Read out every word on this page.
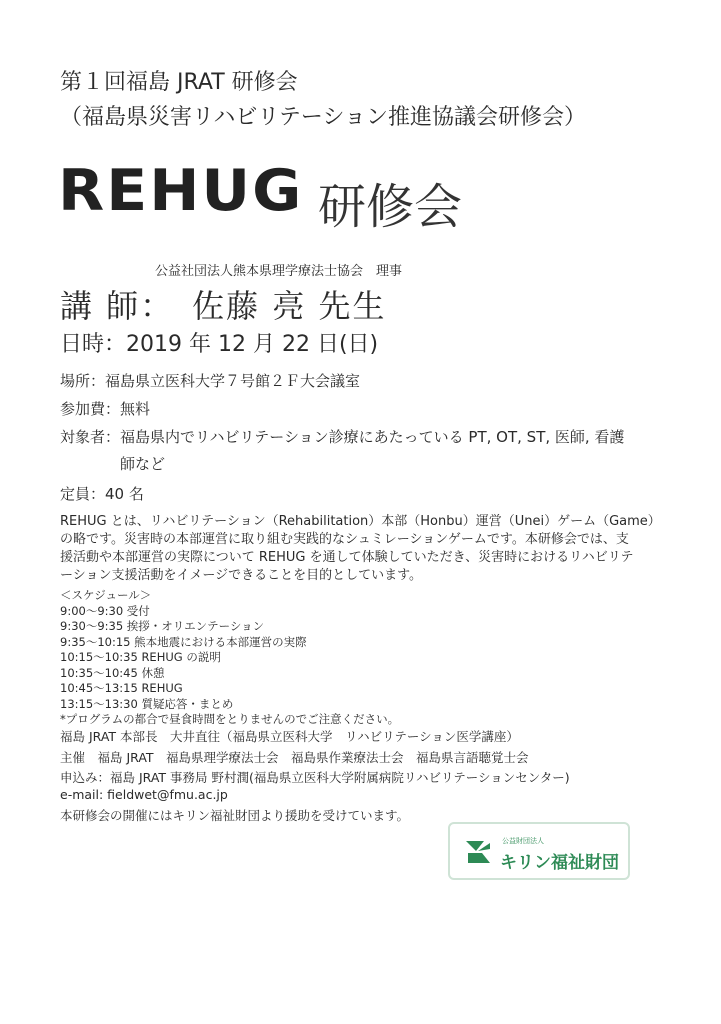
第１回福島 JRAT 研修会
（福島県災害リハビリテーション推進協議会研修会）
REHUG 研修会
公益社団法人熊本県理学療法士協会　理事
講 師：　佐藤 亮 先生
日時：2019 年 12 月 22 日(日)
場所：福島県立医科大学７号館２Ｆ大会議室
参加費：無料
対象者：福島県内でリハビリテーション診療にあたっている PT, OT, ST, 医師, 看護
師など
定員：40 名
REHUG とは、リハビリテーション（Rehabilitation）本部（Honbu）運営（Unei）ゲーム（Game）
の略です。災害時の本部運営に取り組む実践的なシュミレーションゲームです。本研修会では、支
援活動や本部運営の実際について REHUG を通して体験していただき、災害時におけるリハビリテ
ーション支援活動をイメージできることを目的としています。
＜スケジュール＞
9:00～9:30 受付
9:30～9:35 挨拶・オリエンテーション
9:35～10:15 熊本地震における本部運営の実際
10:15～10:35 REHUG の説明
10:35～10:45 休憩
10:45～13:15 REHUG
13:15～13:30 質疑応答・まとめ
*プログラムの都合で昼食時間をとりませんのでご注意ください。
福島 JRAT 本部長　大井直往（福島県立医科大学　リハビリテーション医学講座）
主催　福島 JRAT　福島県理学療法士会　福島県作業療法士会　福島県言語聴覚士会
申込み：福島 JRAT 事務局 野村潤(福島県立医科大学附属病院リハビリテーションセンター)
e-mail: fieldwet@fmu.ac.jp
本研修会の開催にはキリン福祉財団より援助を受けています。
公益財団法人
キリン福祉財団
